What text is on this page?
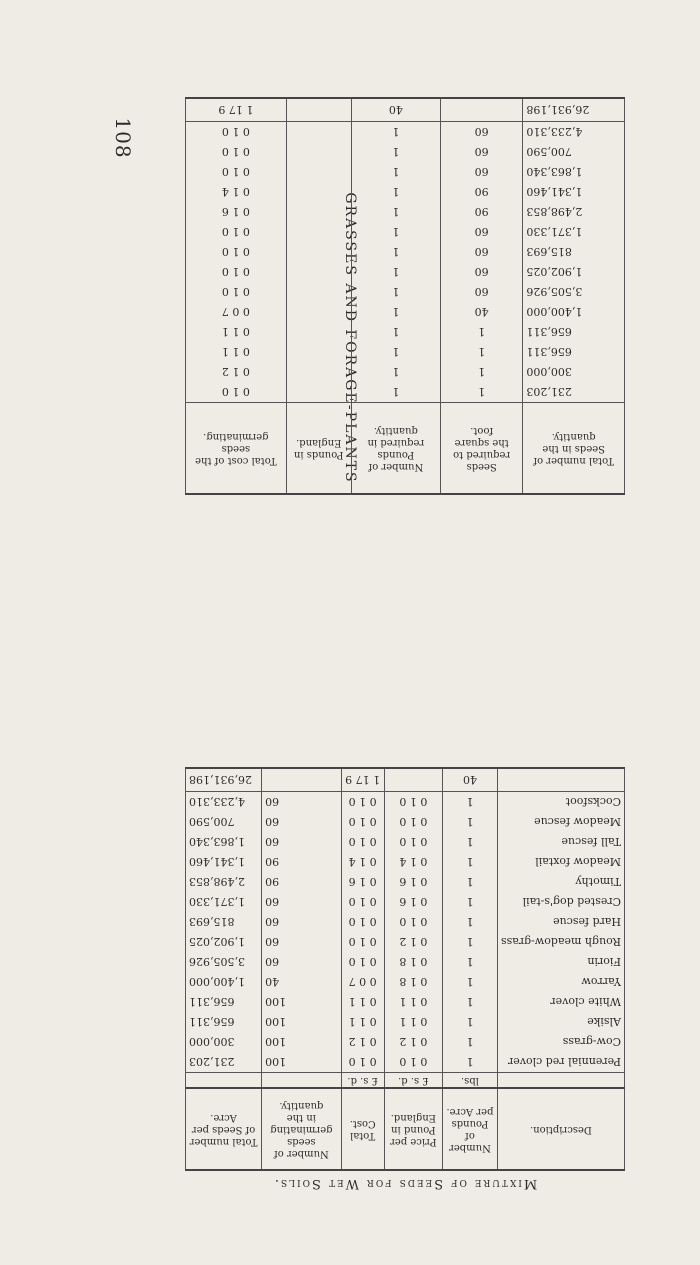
108
GRASSES AND FORAGE-PLANTS
Mixture of Seeds for Wet Soils.
Description.	Number of Pounds per Acre.	Price per Pound in England.	Total Cost.	Number of seeds germinating in the quantity.	Total number of Seeds per Acre.
	lbs.	£ s. d.	£ s. d.		
Perennial red clover	1	0 1 0	0 1 0	100	231,203
Cow-grass	1	0 1 2	0 1 2	100	300,000
Alsike	1	0 1 1	0 1 1	100	656,311
White clover	1	0 1 1	0 1 1	100	656,311
Yarrow	1	0 1 8	0 0 7	40	1,400,000
Fiorin	1	0 1 8	0 1 0	60	3,505,926
Rough meadow-grass	1	0 1 2	0 1 0	60	1,902,025
Hard fescue	1	0 1 0	0 1 0	60	815,693
Crested dog's-tail	1	0 1 6	0 1 0	60	1,371,330
Timothy	1	0 1 6	0 1 6	90	2,498,853
Meadow foxtail	1	0 1 4	0 1 4	90	1,341,460
Tall fescue	1	0 1 0	0 1 0	60	1,863,340
Meadow fescue	1	0 1 0	0 1 0	60	700,590
Cocksfoot	1	0 1 0	0 1 0	60	4,233,310
	40		1 17 9		26,931,198
Total number of Seeds in the quantity.	Seeds required to the square foot.	Number of Pounds required in quantity.	Pounds in England.	Total cost of the seeds germinating.
231,203	1	1		0 1 0
300,000	1	1		0 1 2
656,311	1	1		0 1 1
656,311	1	1		0 1 1
1,400,000	40	1		0 0 7
3,505,926	60	1		0 1 0
1,902,025	60	1		0 1 0
815,693	60	1		0 1 0
1,371,330	60	1		0 1 0
2,498,853	90	1		0 1 6
1,341,460	90	1		0 1 4
1,863,340	60	1		0 1 0
700,590	60	1		0 1 0
4,233,310	60	1		0 1 0
26,931,198		40		1 17 9
